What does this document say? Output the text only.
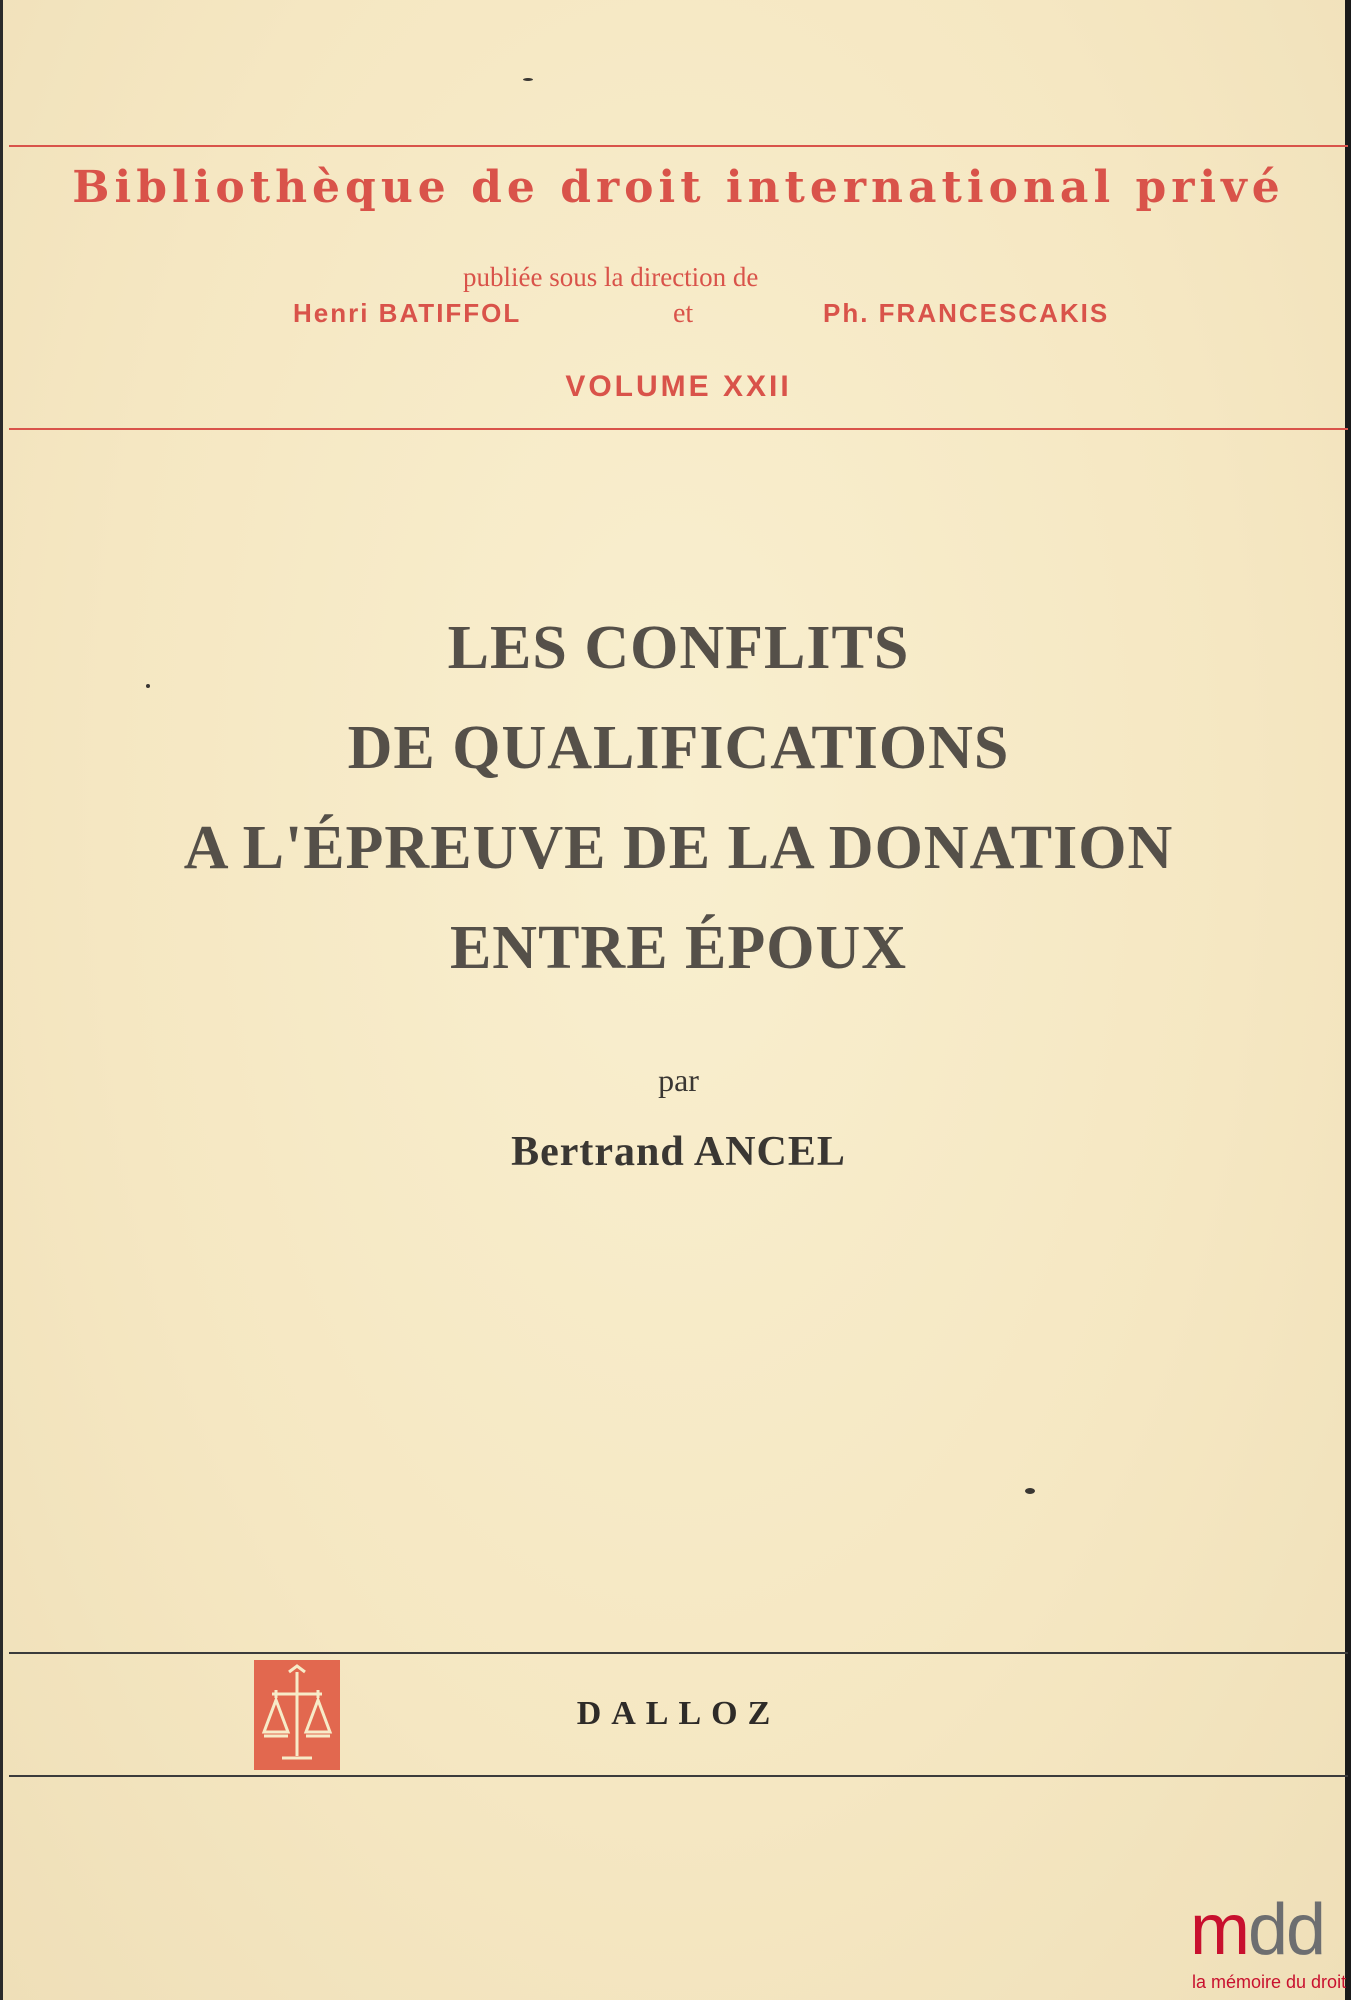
Bibliothèque de droit international privé
publiée sous la direction de
Henri BATIFFOL	et	Ph. FRANCESCAKIS
VOLUME XXII
LES CONFLITS
DE QUALIFICATIONS
A L'ÉPREUVE DE LA DONATION
ENTRE ÉPOUX
par
Bertrand ANCEL
DALLOZ
mdd
la mémoire du droit
